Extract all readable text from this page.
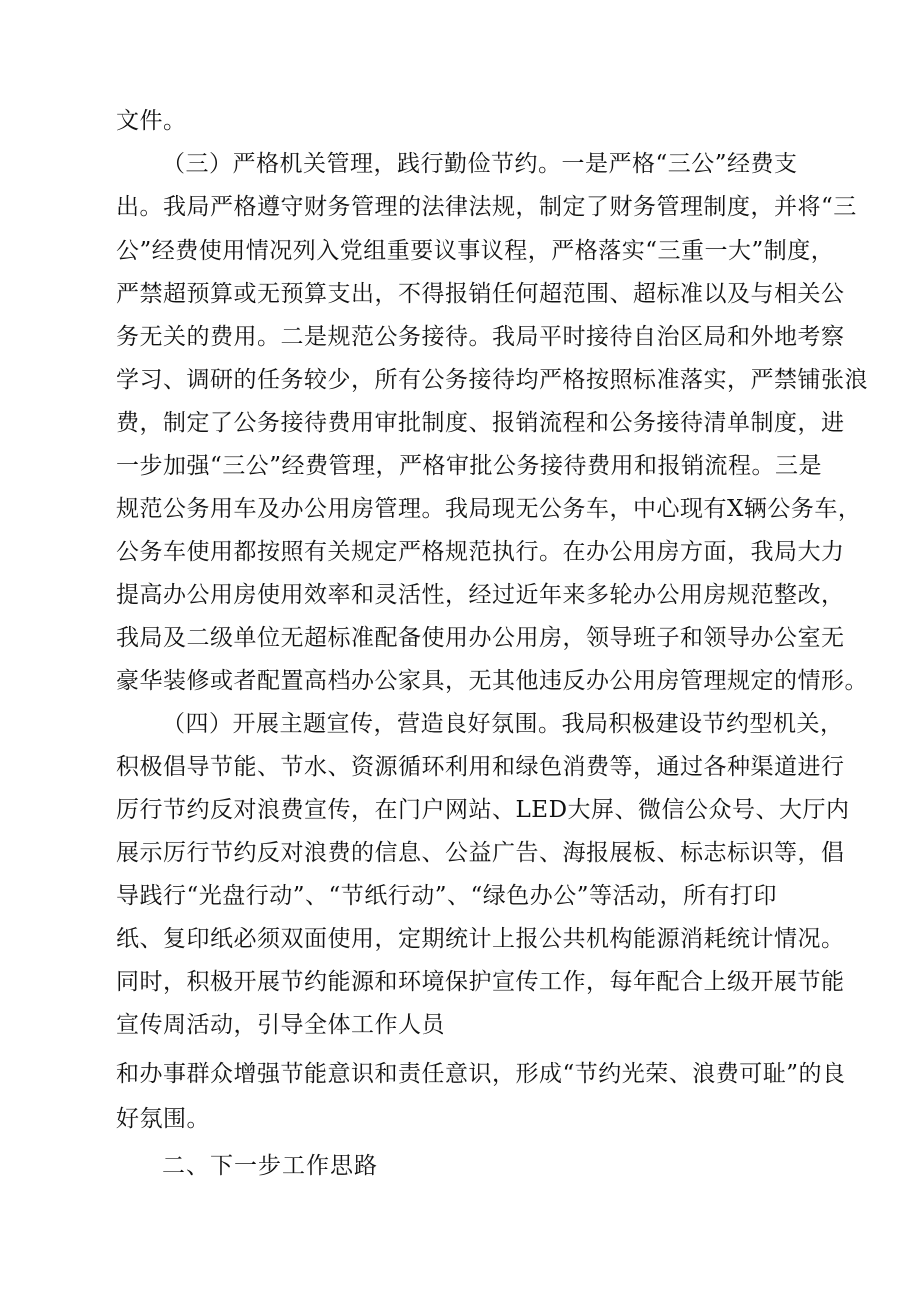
文件。
（三）严格机关管理，践行勤俭节约。一是严格“三公”经费支
出。我局严格遵守财务管理的法律法规，制定了财务管理制度，并将“三
公”经费使用情况列入党组重要议事议程，严格落实“三重一大”制度，
严禁超预算或无预算支出，不得报销任何超范围、超标准以及与相关公
务无关的费用。二是规范公务接待。我局平时接待自治区局和外地考察
学习、调研的任务较少，所有公务接待均严格按照标准落实，严禁铺张浪
费，制定了公务接待费用审批制度、报销流程和公务接待清单制度，进
一步加强“三公”经费管理，严格审批公务接待费用和报销流程。三是
规范公务用车及办公用房管理。我局现无公务车，中心现有X辆公务车，
公务车使用都按照有关规定严格规范执行。在办公用房方面，我局大力
提高办公用房使用效率和灵活性，经过近年来多轮办公用房规范整改，
我局及二级单位无超标准配备使用办公用房，领导班子和领导办公室无
豪华装修或者配置高档办公家具，无其他违反办公用房管理规定的情形。
（四）开展主题宣传，营造良好氛围。我局积极建设节约型机关，
积极倡导节能、节水、资源循环利用和绿色消费等，通过各种渠道进行
厉行节约反对浪费宣传，在门户网站、LED大屏、微信公众号、大厅内
展示厉行节约反对浪费的信息、公益广告、海报展板、标志标识等，倡
导践行“光盘行动”、“节纸行动”、“绿色办公”等活动，所有打印
纸、复印纸必须双面使用，定期统计上报公共机构能源消耗统计情况。
同时，积极开展节约能源和环境保护宣传工作，每年配合上级开展节能
宣传周活动，引导全体工作人员
和办事群众增强节能意识和责任意识，形成“节约光荣、浪费可耻”的良
好氛围。
二、下一步工作思路
